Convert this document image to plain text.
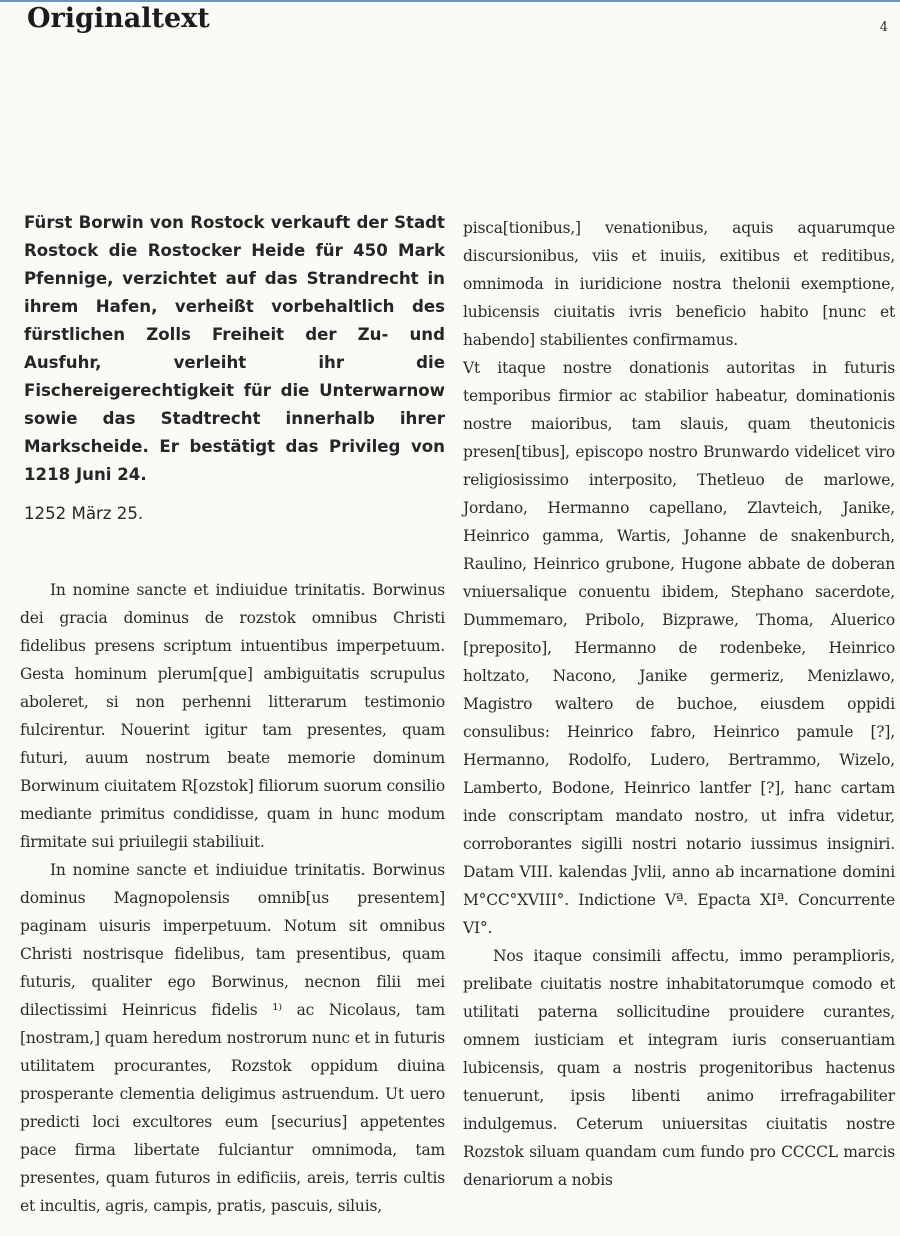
Originaltext	4

Fürst Borwin von Rostock verkauft der Stadt Rostock die Rostocker Heide für 450 Mark Pfennige, verzichtet auf das Strandrecht in ihrem Hafen, verheißt vorbehaltlich des fürstlichen Zolls Freiheit der Zu- und Ausfuhr, verleiht ihr die Fischereigerechtigkeit für die Unterwarnow sowie das Stadtrecht innerhalb ihrer Markscheide. Er bestätigt das Privileg von 1218 Juni 24.

1252 März 25.

In nomine sancte et indiuidue trinitatis. Borwinus dei gracia dominus de rozstok omnibus Christi fidelibus presens scriptum intuentibus imperpetuum. Gesta hominum plerum[que] ambiguitatis scrupulus aboleret, si non perhenni litterarum testimonio fulcirentur. Nouerint igitur tam presentes, quam futuri, auum nostrum beate memorie dominum Borwinum ciuitatem R[ozstok] filiorum suorum consilio mediante primitus condidisse, quam in hunc modum firmitate sui priuilegii stabiliuit.

In nomine sancte et indiuidue trinitatis. Borwinus dominus Magnopolensis omnib[us presentem] paginam uisuris imperpetuum. Notum sit omnibus Christi nostrisque fidelibus, tam presentibus, quam futuris, qualiter ego Borwinus, necnon filii mei dilectissimi Heinricus fidelis ¹⁾ ac Nicolaus, tam [nostram,] quam heredum nostrorum nunc et in futuris utilitatem procurantes, Rozstok oppidum diuina prosperante clementia deligimus astruendum. Ut uero predicti loci excultores eum [securius] appetentes pace firma libertate fulciantur omnimoda, tam presentes, quam futuros in edificiis, areis, terris cultis et incultis, agris, campis, pratis, pascuis, siluis,

pisca[tionibus,] venationibus, aquis aquarumque discursionibus, viis et inuiis, exitibus et reditibus, omnimoda in iuridicione nostra thelonii exemptione, lubicensis ciuitatis ivris beneficio habito [nunc et habendo] stabilientes confirmamus.

Vt itaque nostre donationis autoritas in futuris temporibus firmior ac stabilior habeatur, dominationis nostre maioribus, tam slauis, quam theutonicis presen[tibus], episcopo nostro Brunwardo videlicet viro religiosissimo interposito, Thetleuo de marlowe, Jordano, Hermanno capellano, Zlavteich, Janike, Heinrico gamma, Wartis, Johanne de snakenburch, Raulino, Heinrico grubone, Hugone abbate de doberan vniuersalique conuentu ibidem, Stephano sacerdote, Dummemaro, Pribolo, Bizprawe, Thoma, Aluerico [preposito], Hermanno de rodenbeke, Heinrico holtzato, Nacono, Janike germeriz, Menizlawo, Magistro waltero de buchoe, eiusdem oppidi consulibus: Heinrico fabro, Heinrico pamule [?], Hermanno, Rodolfo, Ludero, Bertrammo, Wizelo, Lamberto, Bodone, Heinrico lantfer [?], hanc cartam inde conscriptam mandato nostro, ut infra videtur, corroborantes sigilli nostri notario iussimus insigniri. Datam VIII. kalendas Jvlii, anno ab incarnatione domini M°CC°XVIII°. Indictione Vª. Epacta XIª. Concurrente VI°.

Nos itaque consimili affectu, immo peramplioris, prelibate ciuitatis nostre inhabitatorumque comodo et utilitati paterna sollicitudine prouidere curantes, omnem iusticiam et integram iuris conseruantiam lubicensis, quam a nostris progenitoribus hactenus tenuerunt, ipsis libenti animo irrefragabiliter indulgemus. Ceterum uniuersitas ciuitatis nostre Rozstok siluam quandam cum fundo pro CCCCL marcis denariorum a nobis
